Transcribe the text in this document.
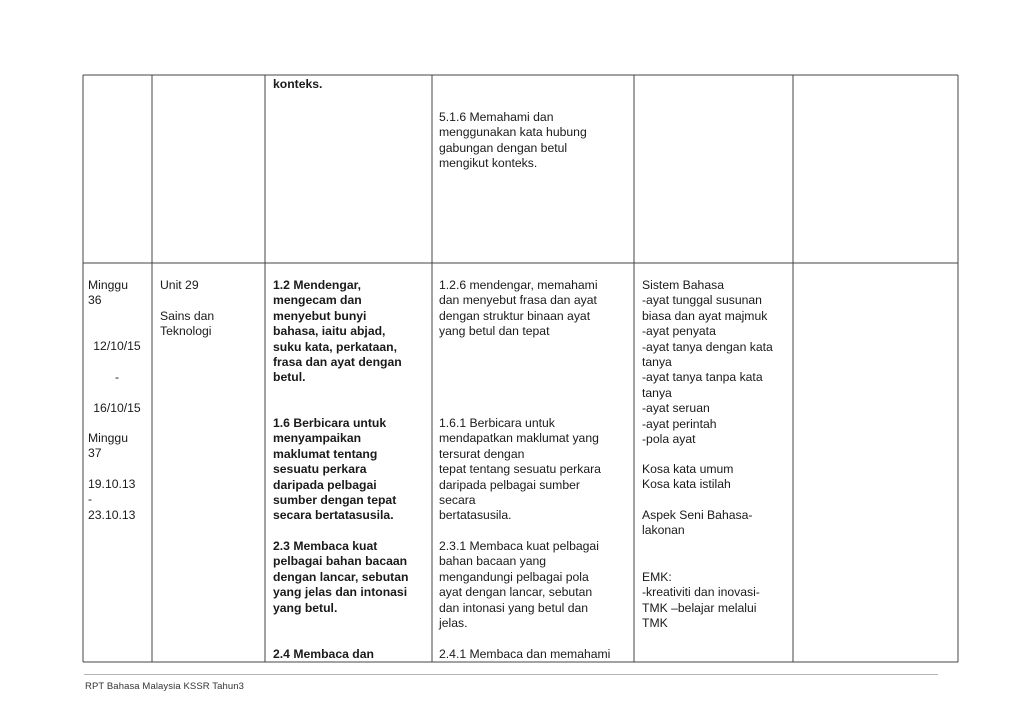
konteks.

5.1.6 Memahami dan
menggunakan kata hubung
gabungan dengan betul
mengikut konteks.

Minggu
36

12/10/15

-

16/10/15

Minggu
37

19.10.13
-
23.10.13

Unit 29

Sains dan
Teknologi

1.2 Mendengar,
mengecam dan
menyebut bunyi
bahasa, iaitu abjad,
suku kata, perkataan,
frasa dan ayat dengan
betul.

1.6 Berbicara untuk
menyampaikan
maklumat tentang
sesuatu perkara
daripada pelbagai
sumber dengan tepat
secara bertatasusila.

2.3 Membaca kuat
pelbagai bahan bacaan
dengan lancar, sebutan
yang jelas dan intonasi
yang betul.

2.4 Membaca dan

1.2.6 mendengar, memahami
dan menyebut frasa dan ayat
dengan struktur binaan ayat
yang betul dan tepat

1.6.1 Berbicara untuk
mendapatkan maklumat yang
tersurat dengan
tepat tentang sesuatu perkara
daripada pelbagai sumber
secara
bertatasusila.

2.3.1 Membaca kuat pelbagai
bahan bacaan yang
mengandungi pelbagai pola
ayat dengan lancar, sebutan
dan intonasi yang betul dan
jelas.

2.4.1 Membaca dan memahami

Sistem Bahasa
-ayat tunggal susunan
biasa dan ayat majmuk
-ayat penyata
-ayat tanya dengan kata
tanya
-ayat tanya tanpa kata
tanya
-ayat seruan
-ayat perintah
-pola ayat

Kosa kata umum
Kosa kata istilah

Aspek Seni Bahasa-
lakonan

EMK:
-kreativiti dan inovasi-
TMK –belajar melalui
TMK

RPT Bahasa Malaysia KSSR Tahun3
